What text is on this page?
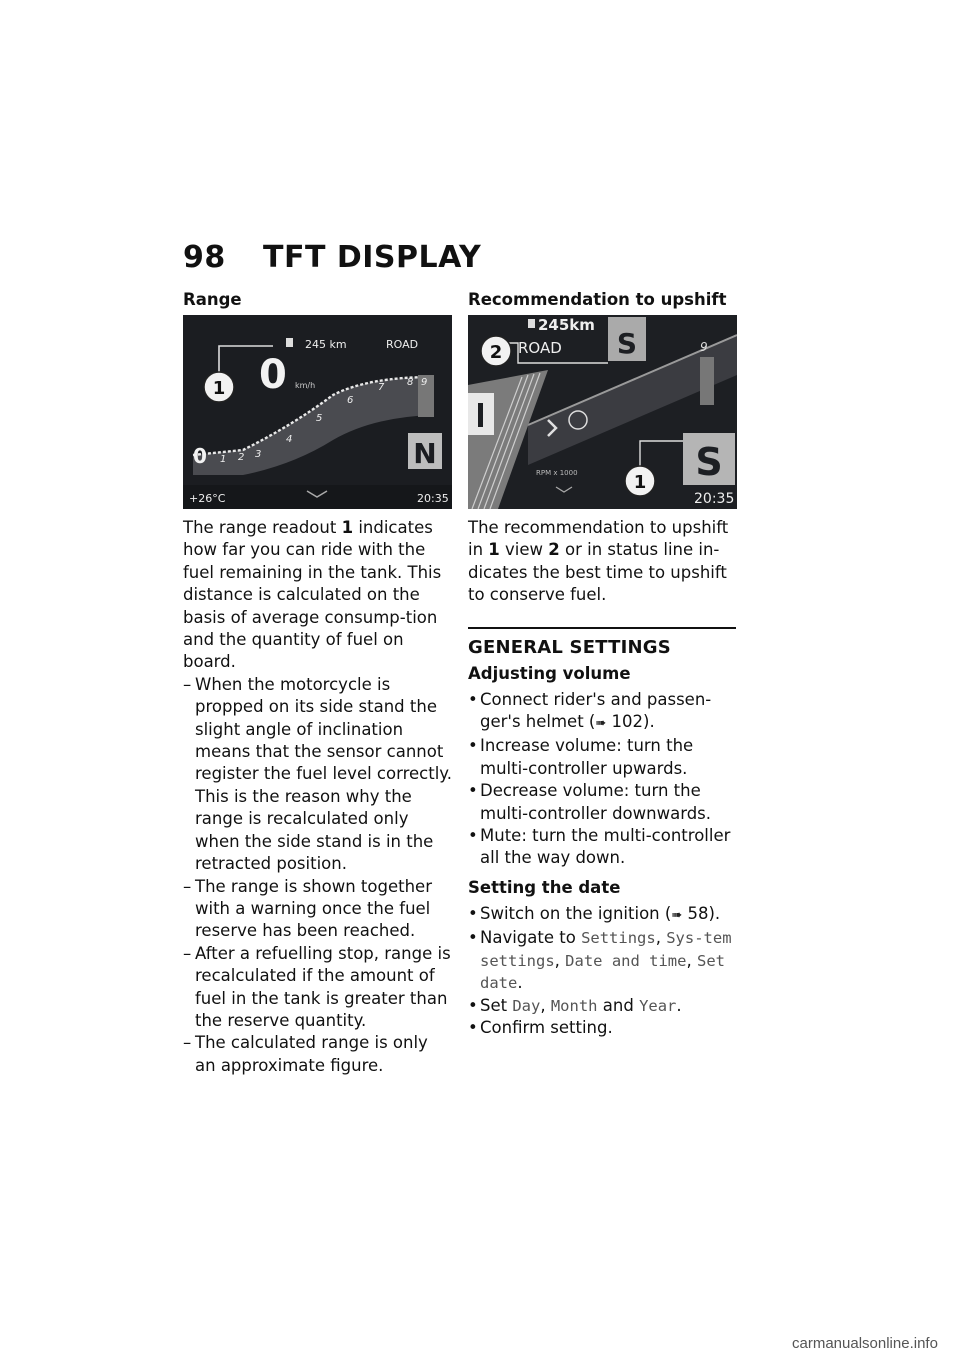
98 TFT DISPLAY
Range
1
245 km	ROAD
0 km/h
1 2 3
4
5
6
7 8 9
0	N
+26°C	20:35

The range readout 1 indicates how far you can ride with the fuel remaining in the tank. This distance is calculated on the basis of average consump-tion and the quantity of fuel on board.

– When the motorcycle is propped on its side stand the slight angle of inclination means that the sensor cannot register the fuel level correctly. This is the reason why the range is recalculated only when the side stand is in the retracted position.
– The range is shown together with a warning once the fuel reserve has been reached.
– After a refuelling stop, range is recalculated if the amount of fuel in the tank is greater than the reserve quantity.
– The calculated range is only an approximate figure.
Recommendation to upshift
245km
ROAD
2	S	9
S
1
RPM x 1000
20:35

The recommendation to upshift in 1 view 2 or in status line in-dicates the best time to upshift to conserve fuel.

GENERAL SETTINGS
Adjusting volume
• Connect rider's and passen-ger's helmet (➠ 102).
• Increase volume: turn the multi-controller upwards.
• Decrease volume: turn the multi-controller downwards.
• Mute: turn the multi-controller all the way down.
Setting the date
• Switch on the ignition (➠ 58).
• Navigate to Settings, Sys-tem settings, Date and time, Set date.
• Set Day, Month and Year.
• Confirm setting.
carmanualsonline.info
